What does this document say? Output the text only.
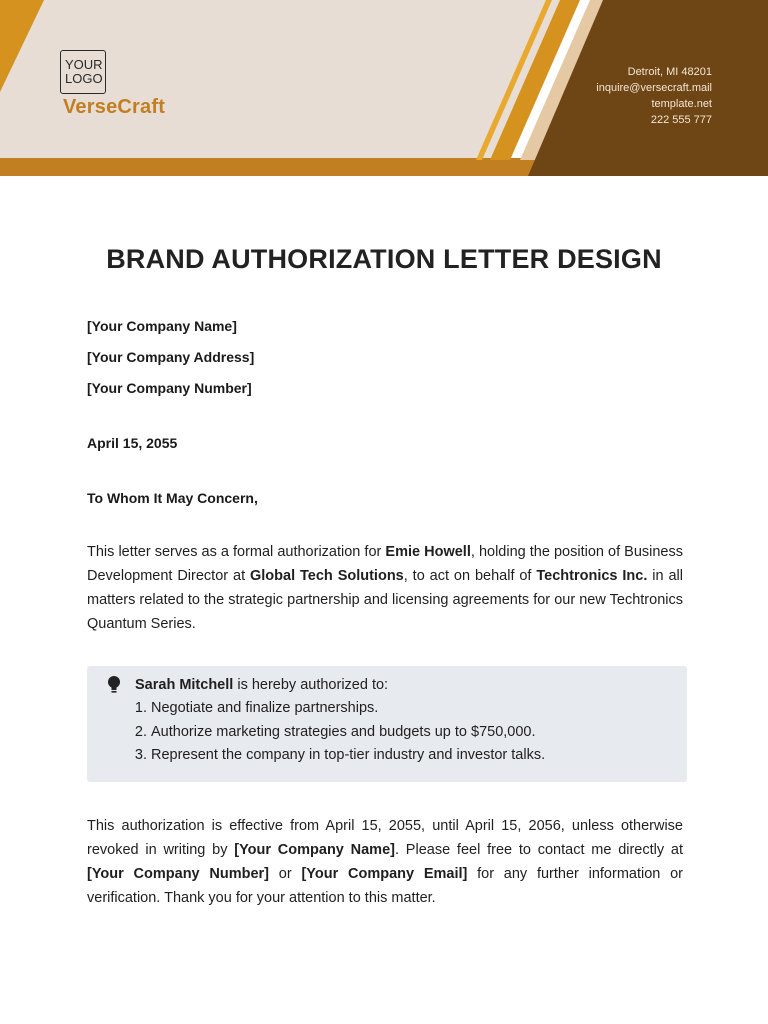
YOUR LOGO
VerseCraft
Detroit, MI 48201
inquire@versecraft.mail
template.net
222 555 777
BRAND AUTHORIZATION LETTER DESIGN
[Your Company Name]
[Your Company Address]
[Your Company Number]
April 15, 2055
To Whom It May Concern,
This letter serves as a formal authorization for Emie Howell, holding the position of Business Development Director at Global Tech Solutions, to act on behalf of Techtronics Inc. in all matters related to the strategic partnership and licensing agreements for our new Techtronics Quantum Series.
Sarah Mitchell is hereby authorized to:
1. Negotiate and finalize partnerships.
2. Authorize marketing strategies and budgets up to $750,000.
3. Represent the company in top-tier industry and investor talks.
This authorization is effective from April 15, 2055, until April 15, 2056, unless otherwise revoked in writing by [Your Company Name]. Please feel free to contact me directly at [Your Company Number] or [Your Company Email] for any further information or verification. Thank you for your attention to this matter.
